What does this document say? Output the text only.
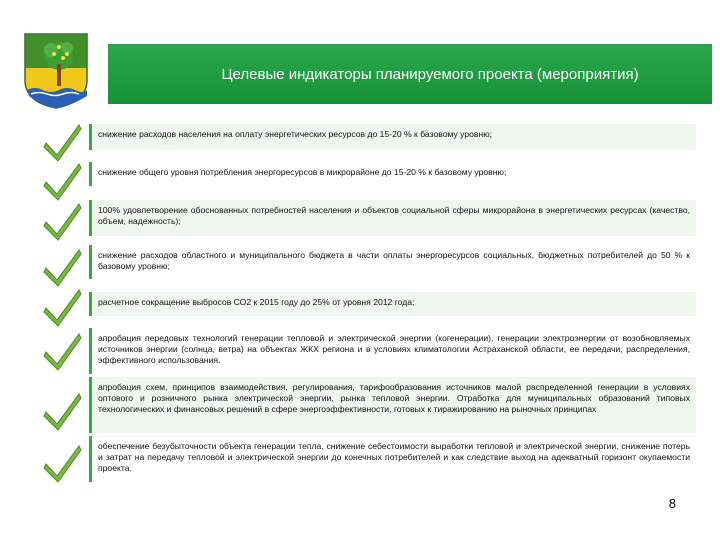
Целевые индикаторы планируемого проекта (мероприятия)
снижение расходов населения на оплату энергетических ресурсов до 15-20 % к базовому уровню;
снижение общего уровня потребления энергоресурсов в микрорайоне до 15-20 % к базовому уровню;
100% удовлетворение обоснованных потребностей населения и объектов социальной сферы микрорайона в энергетических ресурсах (качество, объем, надежность);
снижение расходов областного и муниципального бюджета в части оплаты энергоресурсов социальных, бюджетных потребителей до 50 % к базовому уровню;
расчетное сокращение выбросов СО2 к 2015 году до 25% от уровня 2012 года;
апробация передовых технологий генерации тепловой и электрической энергии (когенерации), генерации электроэнергии от возобновляемых источников энергии (солнца, ветра) на объектах ЖКХ региона и в условиях климатологии Астраханской области, ее передачи, распределения, эффективного использования.
апробация схем, принципов взаимодействия, регулирования, тарифообразования источников малой распределенной генерации в условиях оптового и розничного рынка электрической энергии, рынка тепловой энергии. Отработка для муниципальных образований типовых технологических и финансовых решений в сфере энергоэффективности, готовых к тиражированию на рыночных принципах
обеспечение безубыточности объекта генерации тепла, снижение себестоимости выработки тепловой и электрической энергии, снижение потерь и затрат на передачу тепловой и электрической энергии до конечных потребителей и как следствие выход на адекватный горизонт окупаемости проекта.
8
